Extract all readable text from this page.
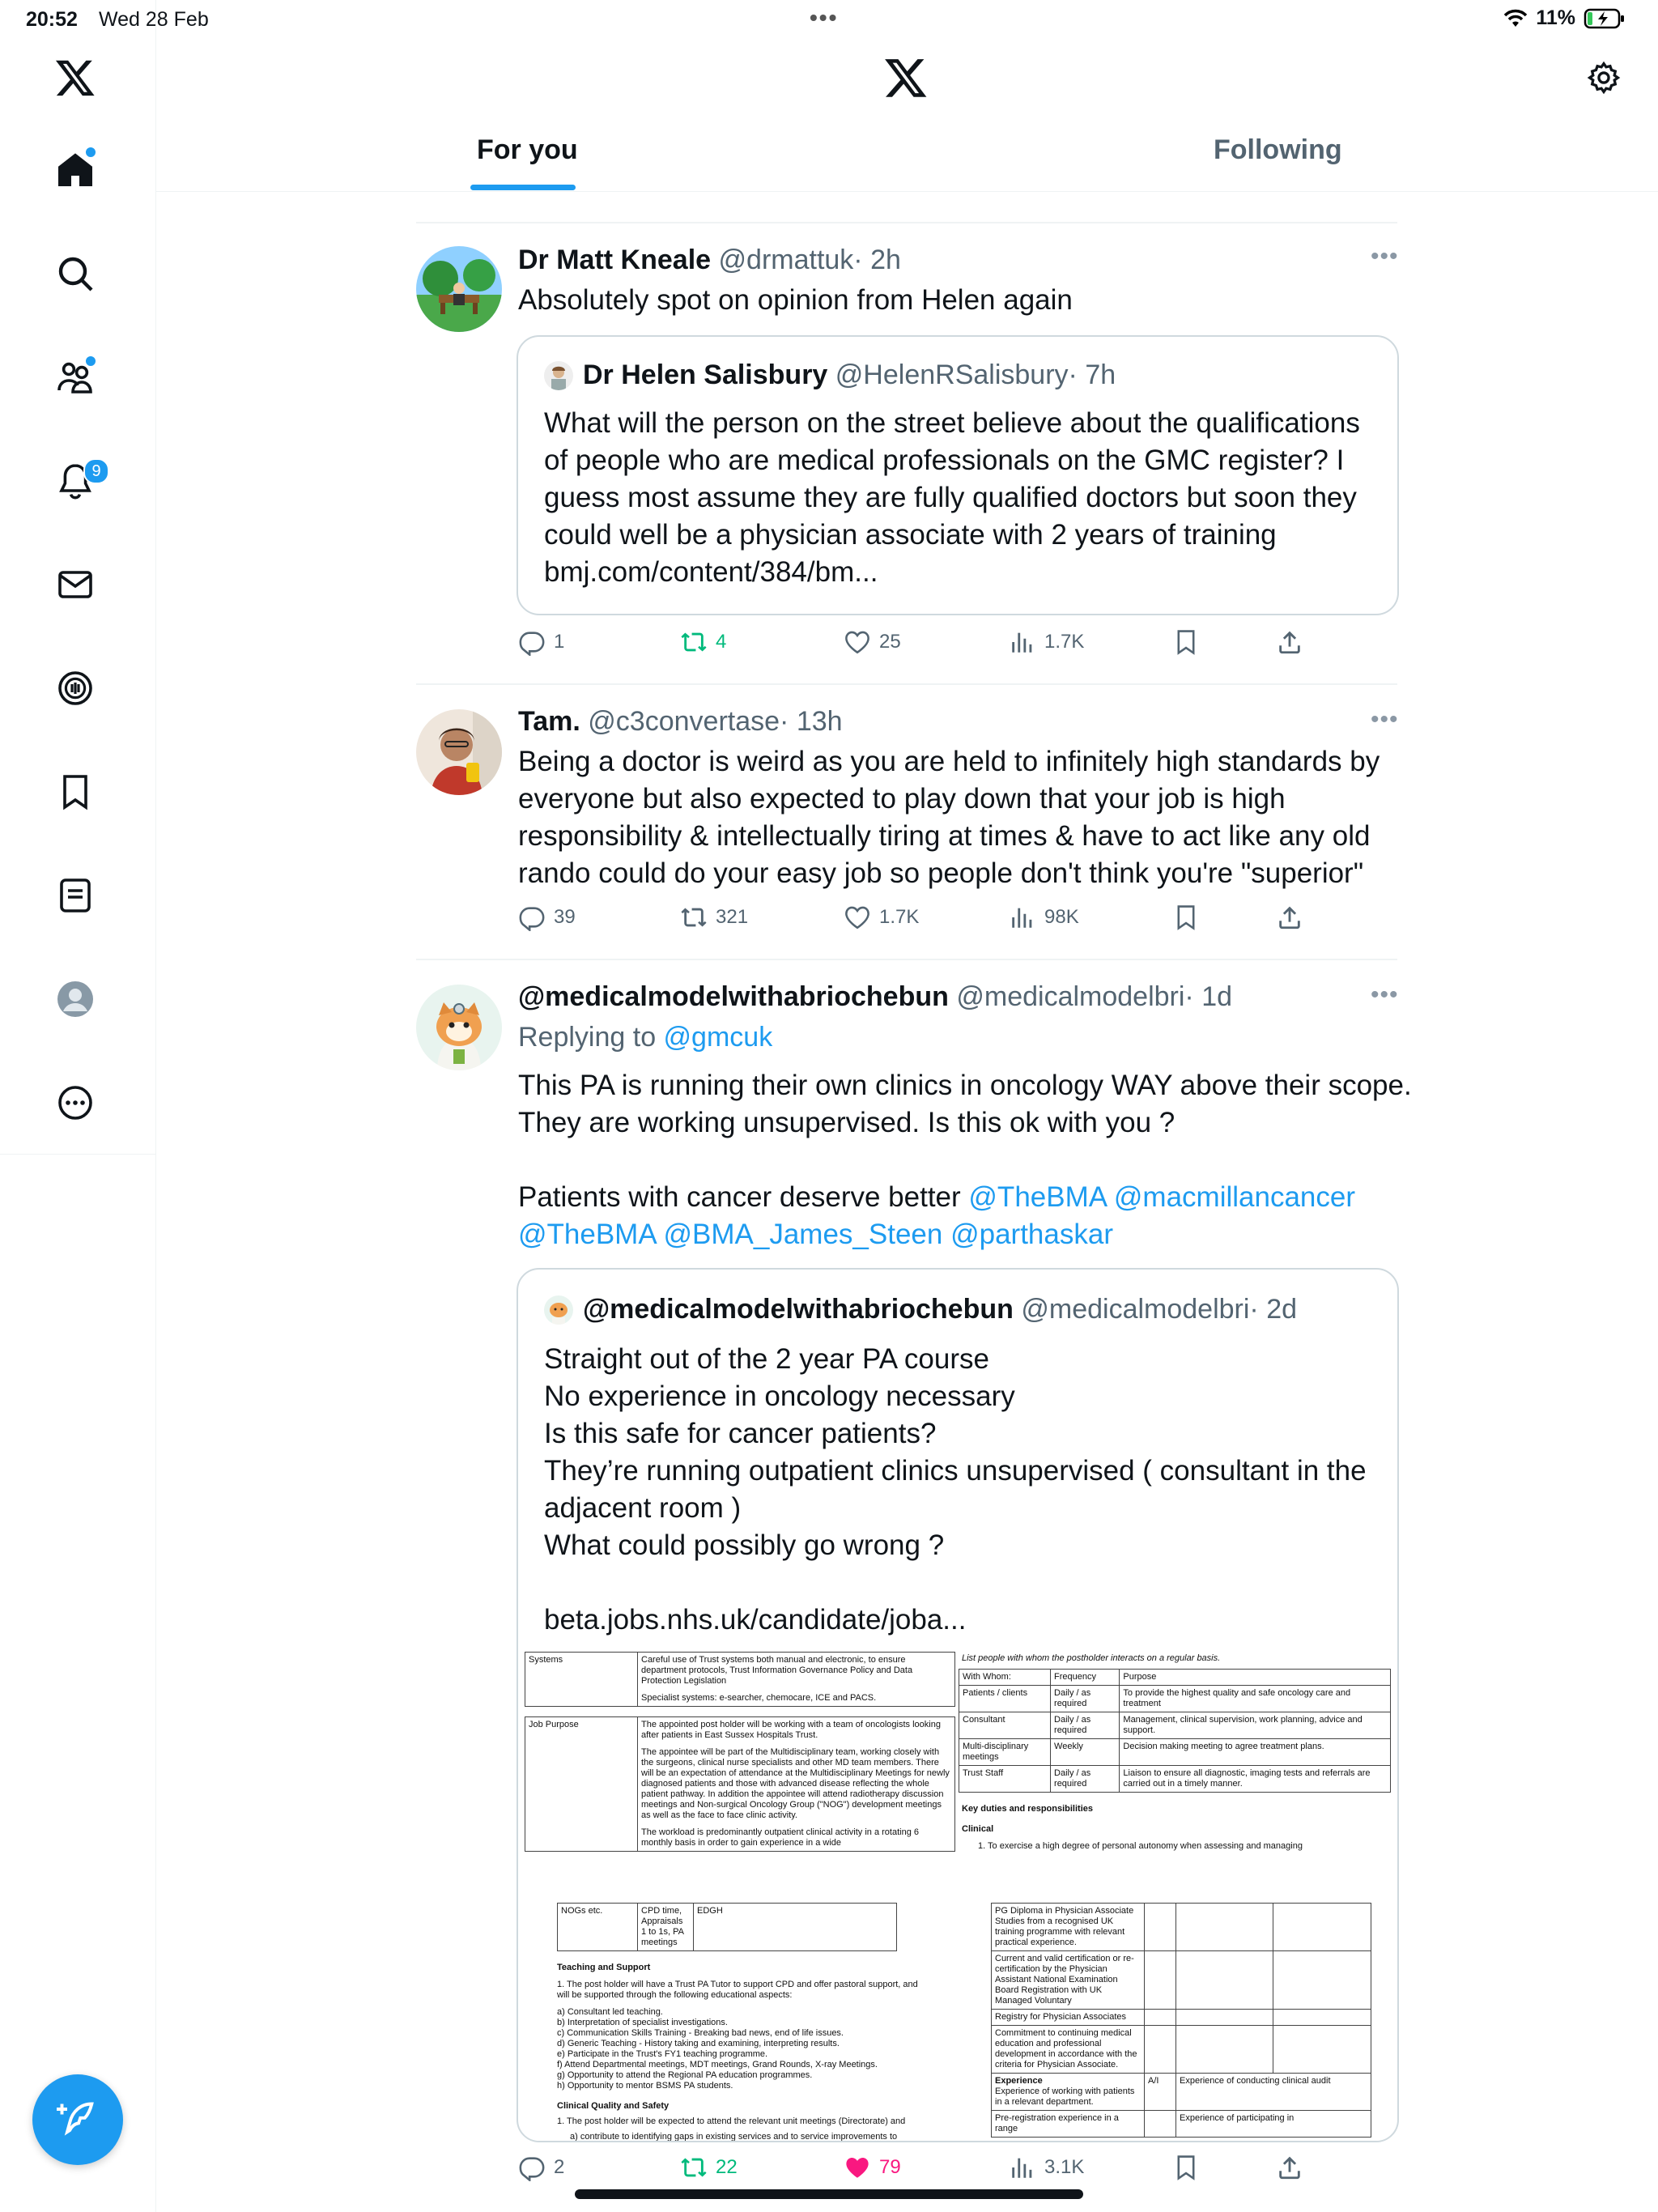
20:52 Wed 28 Feb	•••	11%
9
For you	Following
Dr Matt Kneale @drmattuk· 2h	•••
Absolutely spot on opinion from Helen again
Dr Helen Salisbury @HelenRSalisbury· 7h
What will the person on the street believe about the qualifications
of people who are medical professionals on the GMC register? I
guess most assume they are fully qualified doctors but soon they
could well be a physician associate with 2 years of training
bmj.com/content/384/bm...
1	4	25	1.7K
Tam. @c3convertase· 13h	•••
Being a doctor is weird as you are held to infinitely high standards by
everyone but also expected to play down that your job is high
responsibility & intellectually tiring at times & have to act like any old
rando could do your easy job so people don't think you're "superior"
39	321	1.7K	98K
@medicalmodelwithabriochebun @medicalmodelbri· 1d	•••
Replying to @gmcuk
This PA is running their own clinics in oncology WAY above their scope.
They are working unsupervised. Is this ok with you ?
Patients with cancer deserve better @TheBMA @macmillancancer
@TheBMA @BMA_James_Steen @parthaskar
@medicalmodelwithabriochebun @medicalmodelbri· 2d
Straight out of the 2 year PA course
No experience in oncology necessary
Is this safe for cancer patients?
They’re running outpatient clinics unsupervised ( consultant in the
adjacent room )
What could possibly go wrong ?

beta.jobs.nhs.uk/candidate/joba...
Systems	Careful use of Trust systems both manual and electronic, to ensure department protocols, Trust Information Governance Policy and Data Protection Legislation
Specialist systems: e-searcher, chemocare, ICE and PACS.

Job Purpose	The appointed post holder will be working with a team of oncologists looking after patients in East Sussex Hospitals Trust.
The appointee will be part of the Multidisciplinary team, working closely with the surgeons, clinical nurse specialists and other MD team members. There will be an expectation of attendance at the Multidisciplinary Meetings for newly diagnosed patients and those with advanced disease reflecting the whole patient pathway. In addition the appointee will attend radiotherapy discussion meetings and Non-surgical Oncology Group ("NOG") development meetings as well as the face to face clinic activity.
The workload is predominantly outpatient clinical activity in a rotating 6 monthly basis in order to gain experience in a wide
List people with whom the postholder interacts on a regular basis.
With Whom:	Frequency	Purpose
Patients / clients	Daily / as required	To provide the highest quality and safe oncology care and treatment
Consultant	Daily / as required	Management, clinical supervision, work planning, advice and support.
Multi-disciplinary meetings	Weekly	Decision making meeting to agree treatment plans.
Trust Staff	Daily / as required	Liaison to ensure all diagnostic, imaging tests and referrals are carried out in a timely manner.
Key duties and responsibilities
Clinical
1. To exercise a high degree of personal autonomy when assessing and managing
NOGs etc.	CPD time, Appraisals 1 to 1s, PA meetings	EDGH
Teaching and Support
1. The post holder will have a Trust PA Tutor to support CPD and offer pastoral support, and will be supported through the following educational aspects:
a) Consultant led teaching.
b) Interpretation of specialist investigations.
c) Communication Skills Training - Breaking bad news, end of life issues.
d) Generic Teaching - History taking and examining, interpreting results.
e) Participate in the Trust's FY1 teaching programme.
f) Attend Departmental meetings, MDT meetings, Grand Rounds, X-ray Meetings.
g) Opportunity to attend the Regional PA education programmes.
h) Opportunity to mentor BSMS PA students.
Clinical Quality and Safety
1. The post holder will be expected to attend the relevant unit meetings (Directorate) and
a) contribute to identifying gaps in existing services and to service improvements to
PG Diploma in Physician Associate Studies from a recognised UK training programme with relevant practical experience.			
Current and valid certification or re-certification by the Physician Assistant National Examination Board Registration with UK Managed Voluntary			
Registry for Physician Associates			
Commitment to continuing medical education and professional development in accordance with the criteria for Physician Associate.			

Experience
Experience of working with patients in a relevant department.	A/I	Experience of conducting clinical audit	
Pre-registration experience in a range		Experience of participating in	
2	22	79	3.1K
